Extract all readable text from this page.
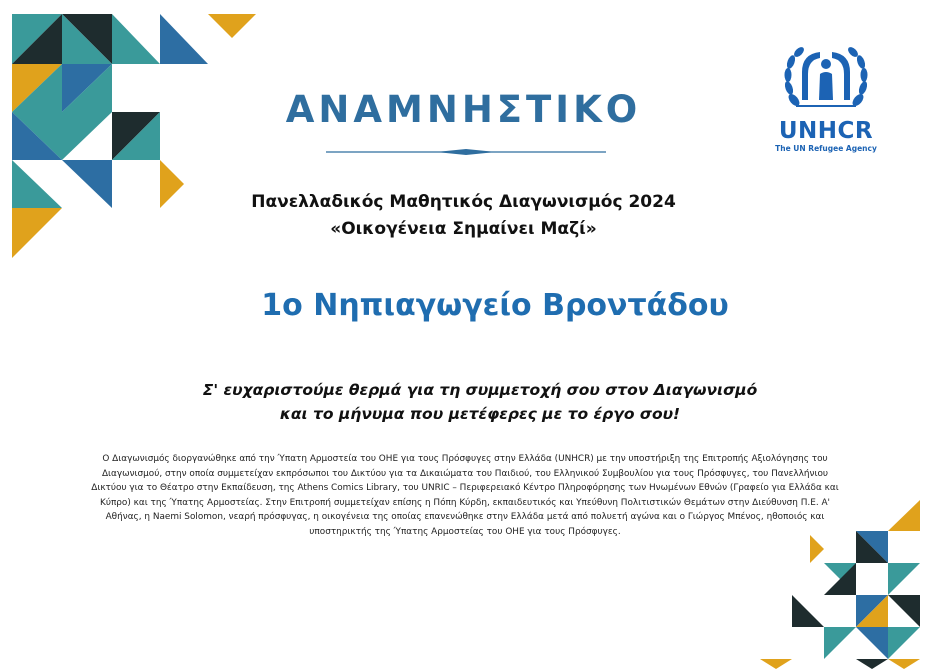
ΑΝΑΜΝΗΣΤΙΚΟ
Πανελλαδικός Μαθητικός Διαγωνισμός 2024
«Οικογένεια Σημαίνει Μαζί»
1ο Νηπιαγωγείο Βροντάδου
Σ' ευχαριστούμε θερμά για τη συμμετοχή σου στον Διαγωνισμό
και το μήνυμα που μετέφερες με το έργο σου!
Ο Διαγωνισμός διοργανώθηκε από την Ύπατη Αρμοστεία του ΟΗΕ για τους Πρόσφυγες στην Ελλάδα (UNHCR) με την υποστήριξη της Επιτροπής Αξιολόγησης του
Διαγωνισμού, στην οποία συμμετείχαν εκπρόσωποι του Δικτύου για τα Δικαιώματα του Παιδιού, του Ελληνικού Συμβουλίου για τους Πρόσφυγες, του Πανελλήνιου
Δικτύου για το Θέατρο στην Εκπαίδευση, της Athens Comics Library, του UNRIC – Περιφερειακό Κέντρο Πληροφόρησης των Ηνωμένων Εθνών (Γραφείο για Ελλάδα και
Κύπρο) και της Ύπατης Αρμοστείας. Στην Επιτροπή συμμετείχαν επίσης η Πόπη Κύρδη, εκπαιδευτικός και Υπεύθυνη Πολιτιστικών Θεμάτων στην Διεύθυνση Π.Ε. Α'
Αθήνας, η Naemi Solomon, νεαρή πρόσφυγας, η οικογένεια της οποίας επανενώθηκε στην Ελλάδα μετά από πολυετή αγώνα και ο Γιώργος Μπένος, ηθοποιός και
υποστηρικτής της Ύπατης Αρμοστείας του ΟΗΕ για τους Πρόσφυγες.
UNHCR
The UN Refugee Agency
